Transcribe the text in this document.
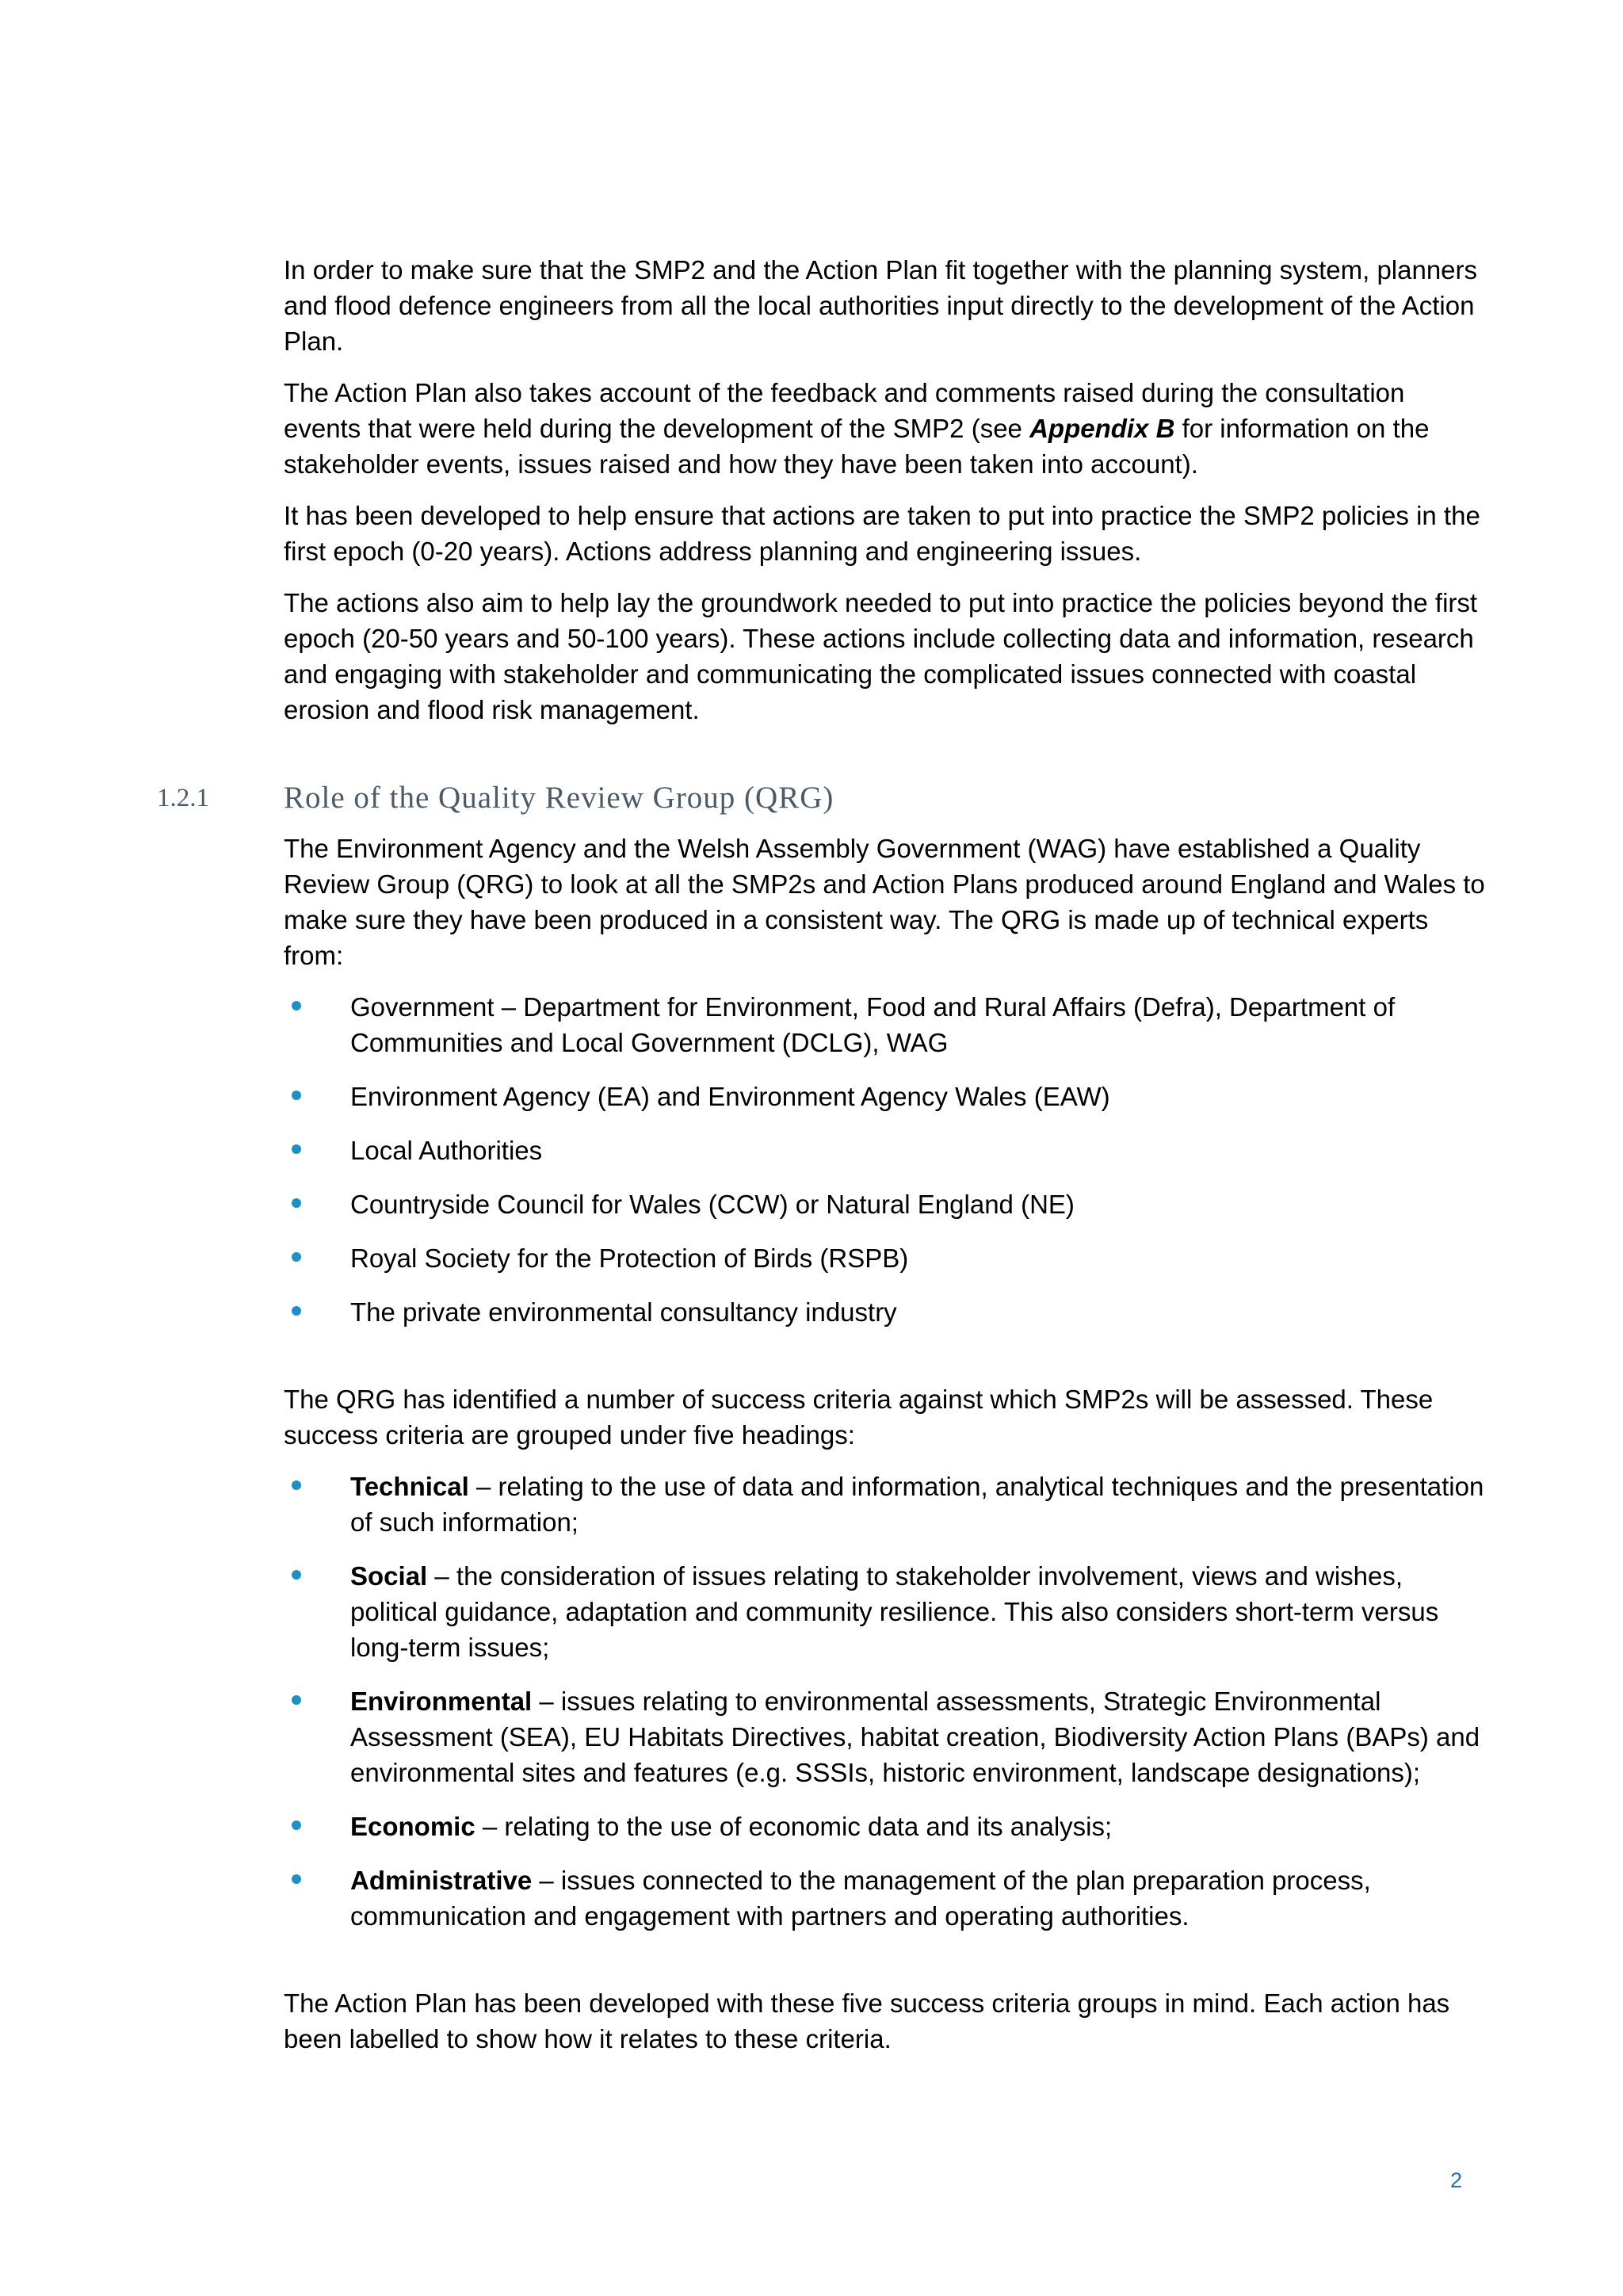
In order to make sure that the SMP2 and the Action Plan fit together with the planning system, planners and flood defence engineers from all the local authorities input directly to the development of the Action Plan.

The Action Plan also takes account of the feedback and comments raised during the consultation events that were held during the development of the SMP2 (see Appendix B for information on the stakeholder events, issues raised and how they have been taken into account).

It has been developed to help ensure that actions are taken to put into practice the SMP2 policies in the first epoch (0-20 years). Actions address planning and engineering issues.

The actions also aim to help lay the groundwork needed to put into practice the policies beyond the first epoch (20-50 years and 50-100 years). These actions include collecting data and information, research and engaging with stakeholder and communicating the complicated issues connected with coastal erosion and flood risk management.

1.2.1 Role of the Quality Review Group (QRG)

The Environment Agency and the Welsh Assembly Government (WAG) have established a Quality Review Group (QRG) to look at all the SMP2s and Action Plans produced around England and Wales to make sure they have been produced in a consistent way. The QRG is made up of technical experts from:

Government – Department for Environment, Food and Rural Affairs (Defra), Department of Communities and Local Government (DCLG), WAG
Environment Agency (EA) and Environment Agency Wales (EAW)
Local Authorities
Countryside Council for Wales (CCW) or Natural England (NE)
Royal Society for the Protection of Birds (RSPB)
The private environmental consultancy industry

The QRG has identified a number of success criteria against which SMP2s will be assessed. These success criteria are grouped under five headings:

Technical – relating to the use of data and information, analytical techniques and the presentation of such information;
Social – the consideration of issues relating to stakeholder involvement, views and wishes, political guidance, adaptation and community resilience. This also considers short-term versus long-term issues;
Environmental – issues relating to environmental assessments, Strategic Environmental Assessment (SEA), EU Habitats Directives, habitat creation, Biodiversity Action Plans (BAPs) and environmental sites and features (e.g. SSSIs, historic environment, landscape designations);
Economic – relating to the use of economic data and its analysis;
Administrative – issues connected to the management of the plan preparation process, communication and engagement with partners and operating authorities.

The Action Plan has been developed with these five success criteria groups in mind. Each action has been labelled to show how it relates to these criteria.

2
